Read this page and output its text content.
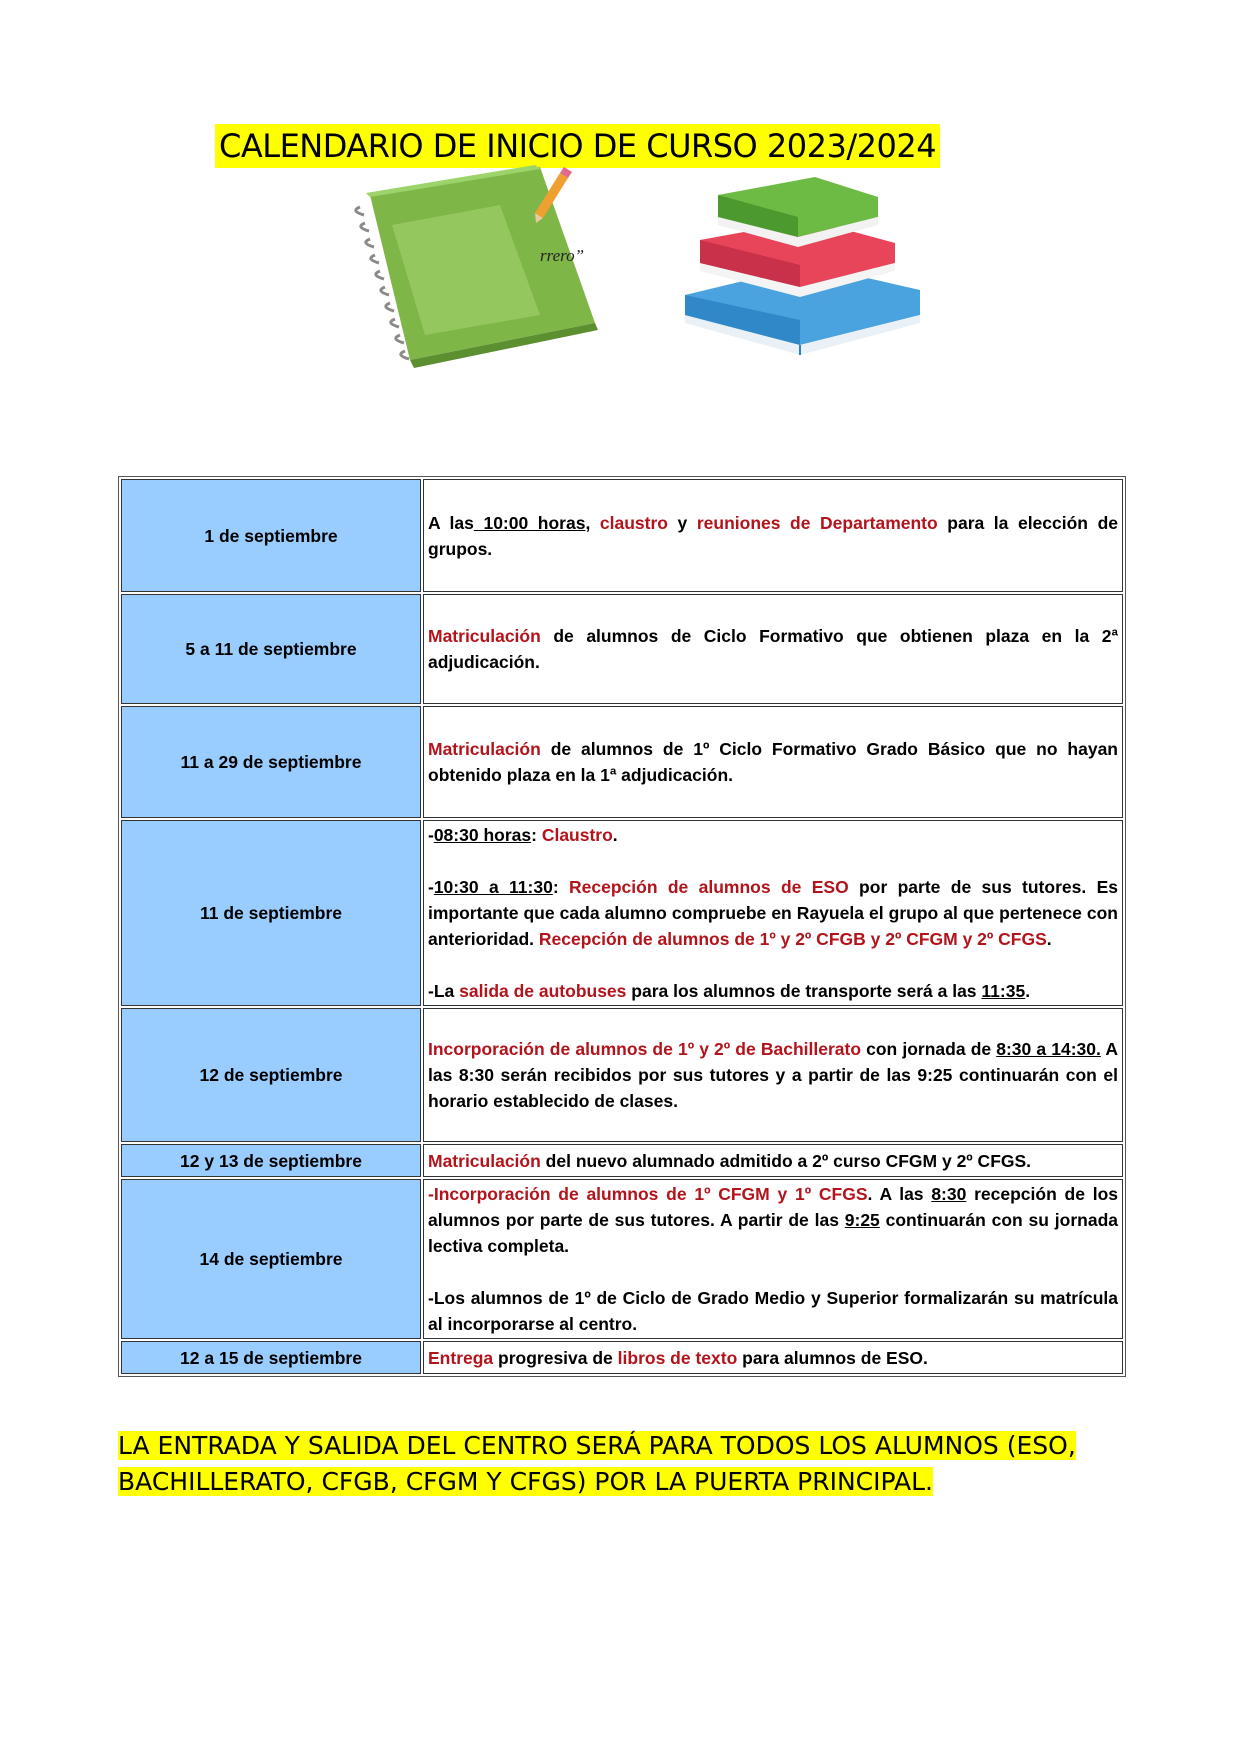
CALENDARIO DE INICIO DE CURSO 2023/2024
rrero”
1 de septiembre	A las 10:00 horas, claustro y reuniones de Departamento para la elección de grupos.
5 a 11 de septiembre	Matriculación de alumnos de Ciclo Formativo que obtienen plaza en la 2ª adjudicación.
11 a 29 de septiembre	Matriculación de alumnos de 1º Ciclo Formativo Grado Básico que no hayan obtenido plaza en la 1ª adjudicación.
11 de septiembre	-08:30 horas: Claustro.

-10:30 a 11:30: Recepción de alumnos de ESO por parte de sus tutores. Es importante que cada alumno compruebe en Rayuela el grupo al que pertenece con anterioridad. Recepción de alumnos de 1º y 2º CFGB y 2º CFGM y 2º CFGS.

-La salida de autobuses para los alumnos de transporte será a las 11:35.

12 de septiembre	Incorporación de alumnos de 1º y 2º de Bachillerato con jornada de 8:30 a 14:30. A las 8:30 serán recibidos por sus tutores y a partir de las 9:25 continuarán con el horario establecido de clases.
12 y 13 de septiembre	Matriculación del nuevo alumnado admitido a 2º curso CFGM y 2º CFGS.
14 de septiembre	-Incorporación de alumnos de 1º CFGM y 1º CFGS. A las 8:30 recepción de los alumnos por parte de sus tutores. A partir de las 9:25 continuarán con su jornada lectiva completa.

-Los alumnos de 1º de Ciclo de Grado Medio y Superior formalizarán su matrícula al incorporarse al centro.

12 a 15 de septiembre	Entrega progresiva de libros de texto para alumnos de ESO.
LA ENTRADA Y SALIDA DEL CENTRO SERÁ PARA TODOS LOS ALUMNOS (ESO, BACHILLERATO, CFGB, CFGM Y CFGS) POR LA PUERTA PRINCIPAL.
